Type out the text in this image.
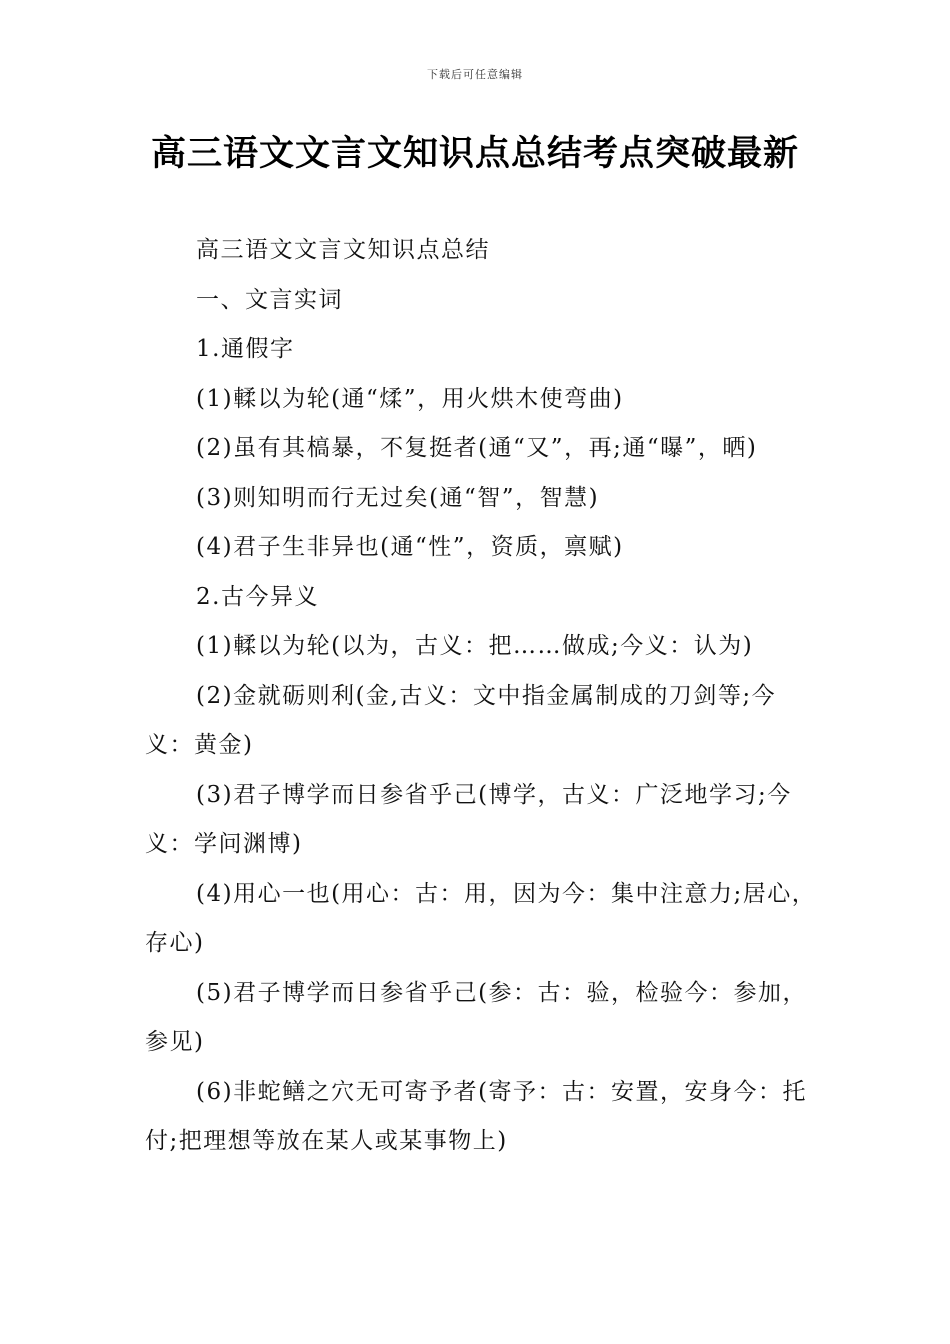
下载后可任意编辑
高三语文文言文知识点总结考点突破最新

高三语文文言文知识点总结

一、文言实词

1.通假字

(1)輮以为轮(通“煣”，用火烘木使弯曲)

(2)虽有其槁暴，不复挺者(通“又”，再;通“曝”，晒)

(3)则知明而行无过矣(通“智”，智慧)

(4)君子生非异也(通“性”，资质，禀赋)

2.古今异义

(1)輮以为轮(以为，古义：把……做成;今义：认为)

(2)金就砺则利(金,古义：文中指金属制成的刀剑等;今义：黄金)

(3)君子博学而日参省乎己(博学，古义：广泛地学习;今义：学问渊博)

(4)用心一也(用心：古：用，因为今：集中注意力;居心，存心)

(5)君子博学而日参省乎己(参：古：验，检验今：参加，参见)

(6)非蛇鳝之穴无可寄予者(寄予：古：安置，安身今：托付;把理想等放在某人或某事物上)
